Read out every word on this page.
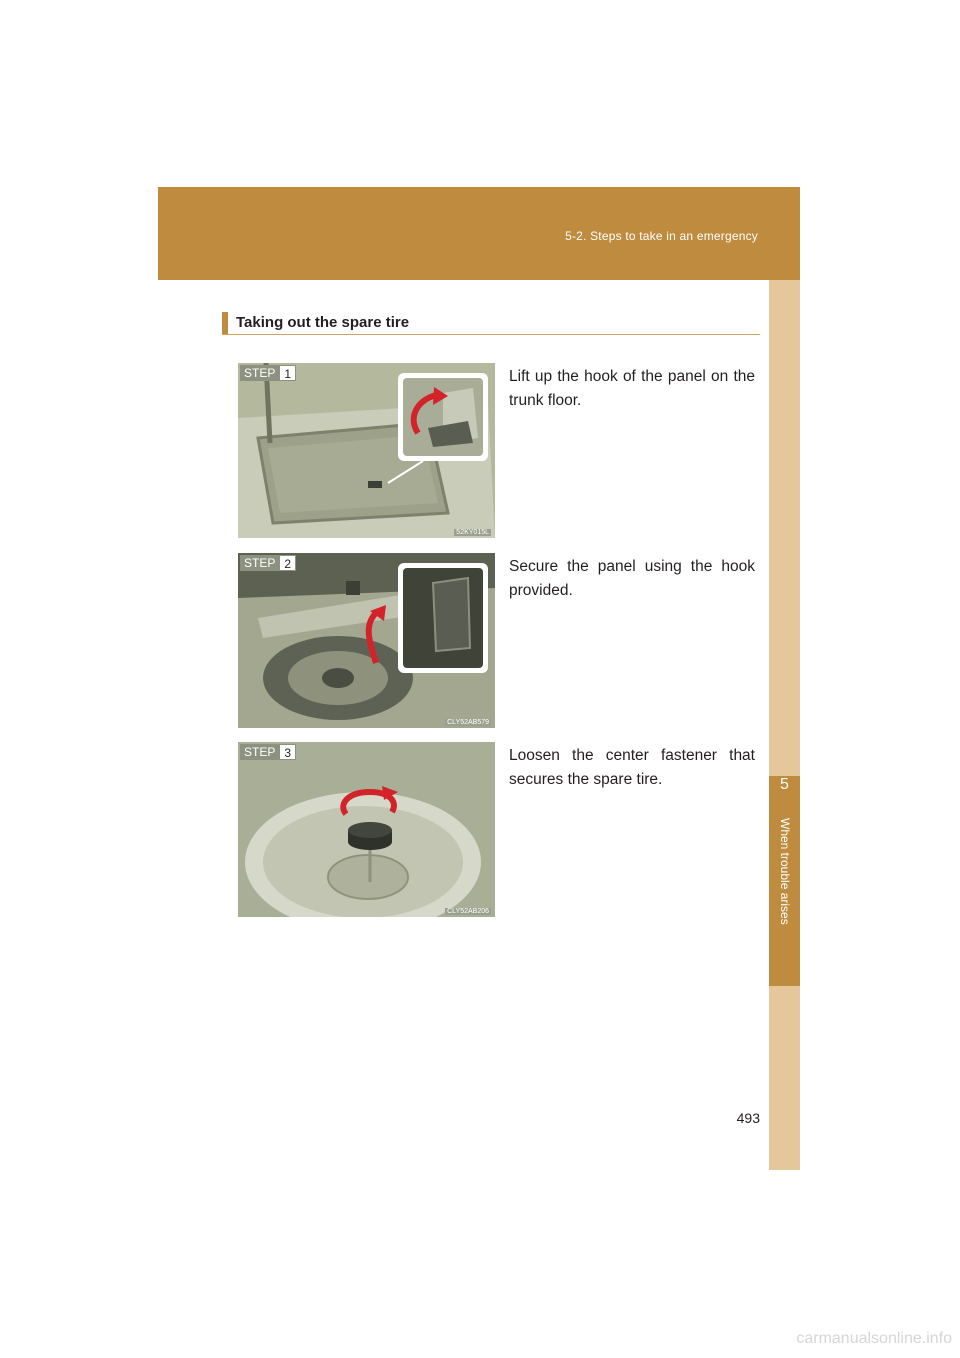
5-2. Steps to take in an emergency
5
When trouble arises
Taking out the spare tire
STEP 1
52KY015L
Lift up the hook of the panel on the trunk floor.
STEP 2
CLY52AB579
Secure the panel using the hook provided.
STEP 3
CLY52AB206
Loosen the center fastener that secures the spare tire.
493
carmanualsonline.info
